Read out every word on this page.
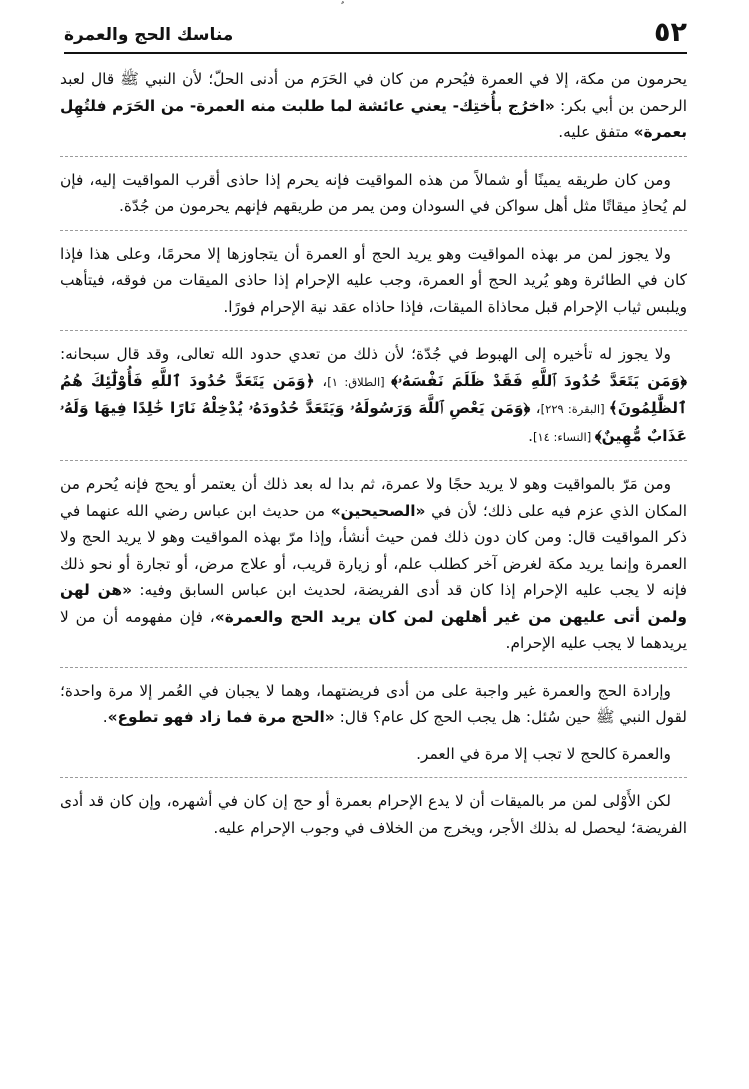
٥٢
مناسك الحج والعمرة

يحرمون من مكة، إلا في العمرة فيُحرم من كان في الحَرَم من أدنى الحلّ؛ لأن النبي ﷺ قال لعبد الرحمن بن أبي بكر: «اخرُج بأُختِك- يعني عائشة لما طلبت منه العمرة- من الحَرَم فلتُهِل بعمرة» متفق عليه.

ومن كان طريقه يمينًا أو شمالاً من هذه المواقيت فإنه يحرم إذا حاذى أقرب المواقيت إليه، فإن لم يُحاذِ ميقاتًا مثل أهل سواكن في السودان ومن يمر من طريقهم فإنهم يحرمون من جُدّة.

ولا يجوز لمن مر بهذه المواقيت وهو يريد الحج أو العمرة أن يتجاوزها إلا محرمًا، وعلى هذا فإذا كان في الطائرة وهو يُريد الحج أو العمرة، وجب عليه الإحرام إذا حاذى الميقات من فوقه، فيتأهب ويلبس ثياب الإحرام قبل محاذاة الميقات، فإذا حاذاه عقد نية الإحرام فورًا.

ولا يجوز له تأخيره إلى الهبوط في جُدّة؛ لأن ذلك من تعدي حدود الله تعالى، وقد قال سبحانه: ﴿وَمَن يَتَعَدَّ حُدُودَ ٱللَّهِ فَقَدْ ظَلَمَ نَفْسَهُۥ﴾ [الطلاق: ١]، ﴿وَمَن يَتَعَدَّ حُدُودَ ٱللَّهِ فَأُوْلَٰٓئِكَ هُمُ ٱلظَّٰلِمُونَ﴾ [البقرة: ٢٢٩]، ﴿وَمَن يَعْصِ ٱللَّهَ وَرَسُولَهُۥ وَيَتَعَدَّ حُدُودَهُۥ يُدْخِلْهُ نَارًا خَٰلِدًا فِيهَا وَلَهُۥ عَذَابٌ مُّهِينٌ﴾ [النساء: ١٤].

ومن مَرّ بالمواقيت وهو لا يريد حجًا ولا عمرة، ثم بدا له بعد ذلك أن يعتمر أو يحج فإنه يُحرم من المكان الذي عزم فيه على ذلك؛ لأن في «الصحيحين» من حديث ابن عباس رضي الله عنهما في ذكر المواقيت قال: ومن كان دون ذلك فمن حيث أنشأ، وإذا مرّ بهذه المواقيت وهو لا يريد الحج ولا العمرة وإنما يريد مكة لغرض آخر كطلب علم، أو زيارة قريب، أو علاج مرض، أو تجارة أو نحو ذلك فإنه لا يجب عليه الإحرام إذا كان قد أدى الفريضة، لحديث ابن عباس السابق وفيه: «هن لهن ولمن أتى عليهن من غير أهلهن لمن كان يريد الحج والعمرة»، فإن مفهومه أن من لا يريدهما لا يجب عليه الإحرام.

وإرادة الحج والعمرة غير واجبة على من أدى فريضتهما، وهما لا يجبان في العُمر إلا مرة واحدة؛ لقول النبي ﷺ حين سُئل: هل يجب الحج كل عام؟ قال: «الحج مرة فما زاد فهو تطوع».

والعمرة كالحج لا تجب إلا مرة في العمر.

لكن الأَوْلى لمن مر بالميقات أن لا يدع الإحرام بعمرة أو حج إن كان في أشهره، وإن كان قد أدى الفريضة؛ ليحصل له بذلك الأجر، ويخرج من الخلاف في وجوب الإحرام عليه.
